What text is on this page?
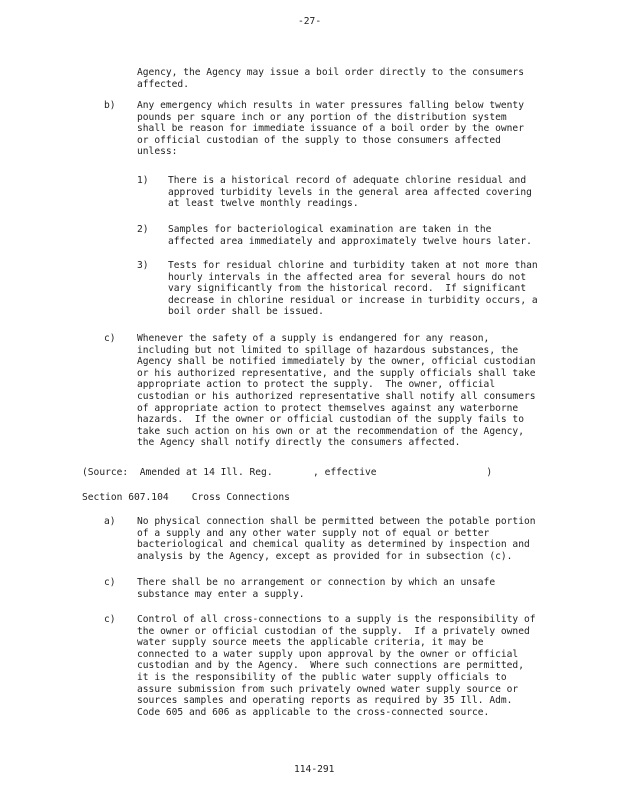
-27-
Agency, the Agency may issue a boil order directly to the consumers
affected.
b) Any emergency which results in water pressures falling below twenty
pounds per square inch or any portion of the distribution system
shall be reason for immediate issuance of a boil order by the owner
or official custodian of the supply to those consumers affected
unless:
1) There is a historical record of adequate chlorine residual and
approved turbidity levels in the general area affected covering
at least twelve monthly readings.
2) Samples for bacteriological examination are taken in the
affected area immediately and approximately twelve hours later.
3) Tests for residual chlorine and turbidity taken at not more than
hourly intervals in the affected area for several hours do not
vary significantly from the historical record.  If significant
decrease in chlorine residual or increase in turbidity occurs, a
boil order shall be issued.
c) Whenever the safety of a supply is endangered for any reason,
including but not limited to spillage of hazardous substances, the
Agency shall be notified immediately by the owner, official custodian
or his authorized representative, and the supply officials shall take
appropriate action to protect the supply.  The owner, official
custodian or his authorized representative shall notify all consumers
of appropriate action to protect themselves against any waterborne
hazards.  If the owner or official custodian of the supply fails to
take such action on his own or at the recommendation of the Agency,
the Agency shall notify directly the consumers affected.
(Source:  Amended at 14 Ill. Reg.       , effective                   )
Section 607.104    Cross Connections
a) No physical connection shall be permitted between the potable portion
of a supply and any other water supply not of equal or better
bacteriological and chemical quality as determined by inspection and
analysis by the Agency, except as provided for in subsection (c).
c) There shall be no arrangement or connection by which an unsafe
substance may enter a supply.
c) Control of all cross-connections to a supply is the responsibility of
the owner or official custodian of the supply.  If a privately owned
water supply source meets the applicable criteria, it may be
connected to a water supply upon approval by the owner or official
custodian and by the Agency.  Where such connections are permitted,
it is the responsibility of the public water supply officials to
assure submission from such privately owned water supply source or
sources samples and operating reports as required by 35 Ill. Adm.
Code 605 and 606 as applicable to the cross-connected source.
114-291
